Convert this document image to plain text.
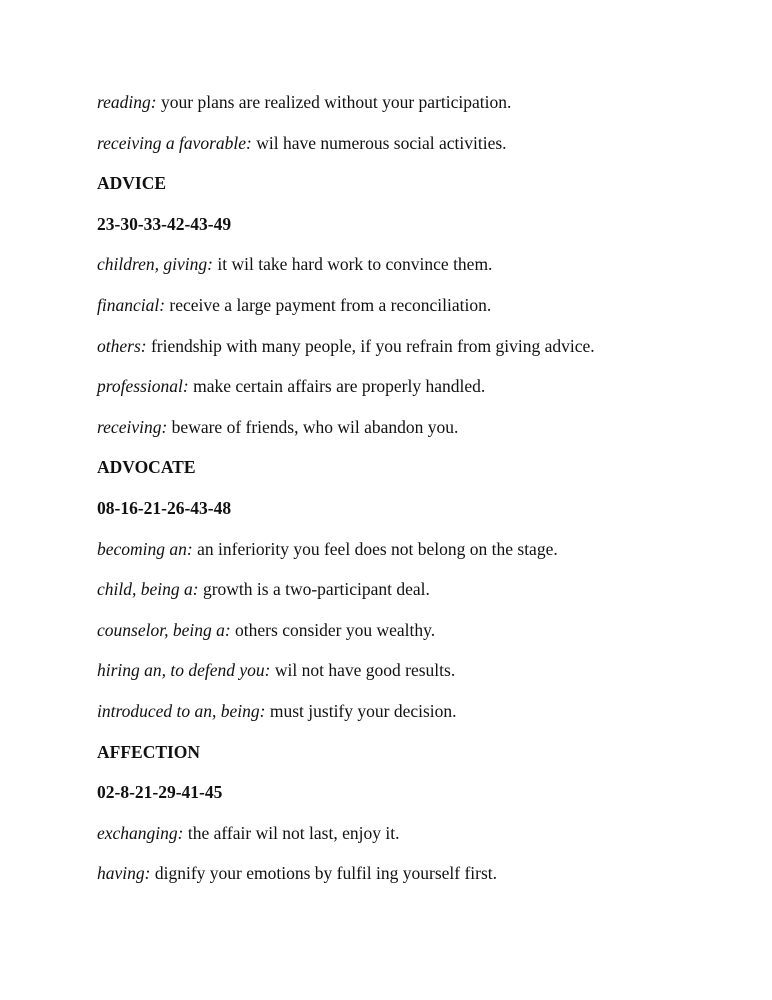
reading: your plans are realized without your participation.
receiving a favorable: wil have numerous social activities.
ADVICE
23-30-33-42-43-49
children, giving: it wil take hard work to convince them.
financial: receive a large payment from a reconciliation.
others: friendship with many people, if you refrain from giving advice.
professional: make certain affairs are properly handled.
receiving: beware of friends, who wil abandon you.
ADVOCATE
08-16-21-26-43-48
becoming an: an inferiority you feel does not belong on the stage.
child, being a: growth is a two-participant deal.
counselor, being a: others consider you wealthy.
hiring an, to defend you: wil not have good results.
introduced to an, being: must justify your decision.
AFFECTION
02-8-21-29-41-45
exchanging: the affair wil not last, enjoy it.
having: dignify your emotions by fulfil ing yourself first.
